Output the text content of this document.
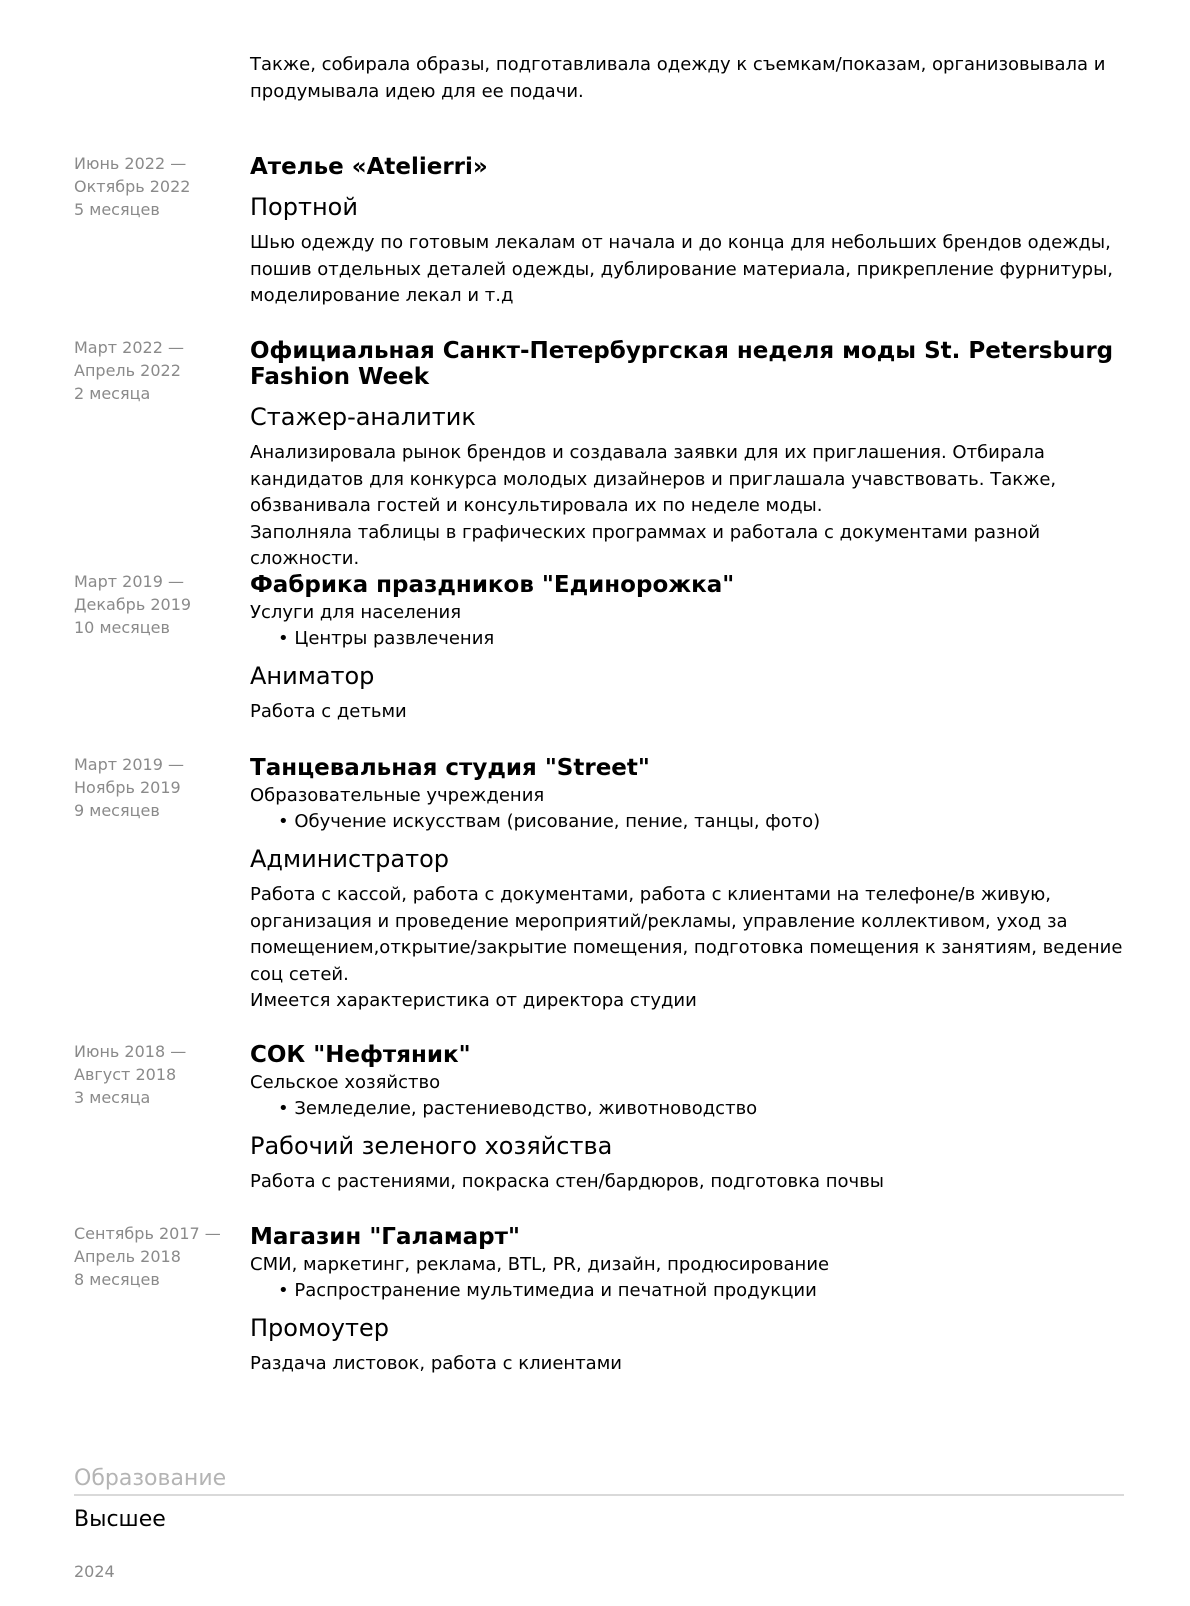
Также, собирала образы, подготавливала одежду к съемкам/показам, организовывала и продумывала идею для ее подачи.
Июнь 2022 —
Октябрь 2022
5 месяцев
Ателье «Atelierri»
Портной
Шью одежду по готовым лекалам от начала и до конца для небольших брендов одежды, пошив отдельных деталей одежды, дублирование материала, прикрепление фурнитуры, моделирование лекал и т.д
Март 2022 —
Апрель 2022
2 месяца
Официальная Санкт-Петербургская неделя моды St. Petersburg Fashion Week
Стажер-аналитик
Анализировала рынок брендов и создавала заявки для их приглашения. Отбирала кандидатов для конкурса молодых дизайнеров и приглашала учавствовать. Также, обзванивала гостей и консультировала их по неделе моды.
Заполняла таблицы в графических программах и работала с документами разной сложности.
Март 2019 —
Декабрь 2019
10 месяцев
Фабрика праздников "Единорожка"
Услуги для населения
• Центры развлечения
Аниматор
Работа с детьми
Март 2019 —
Ноябрь 2019
9 месяцев
Танцевальная студия "Street"
Образовательные учреждения
• Обучение искусствам (рисование, пение, танцы, фото)
Администратор
Работа с кассой, работа с документами, работа с клиентами на телефоне/в живую, организация и проведение мероприятий/рекламы, управление коллективом, уход за помещением,открытие/закрытие помещения, подготовка помещения к занятиям, ведение соц сетей.
Имеется характеристика от директора студии
Июнь 2018 —
Август 2018
3 месяца
СОК "Нефтяник"
Сельское хозяйство
• Земледелие, растениеводство, животноводство
Рабочий зеленого хозяйства
Работа с растениями, покраска стен/бардюров, подготовка почвы
Сентябрь 2017 —
Апрель 2018
8 месяцев
Магазин "Галамарт"
СМИ, маркетинг, реклама, BTL, PR, дизайн, продюсирование
• Распространение мультимедиа и печатной продукции
Промоутер
Раздача листовок, работа с клиентами
Образование
Высшее
2024
